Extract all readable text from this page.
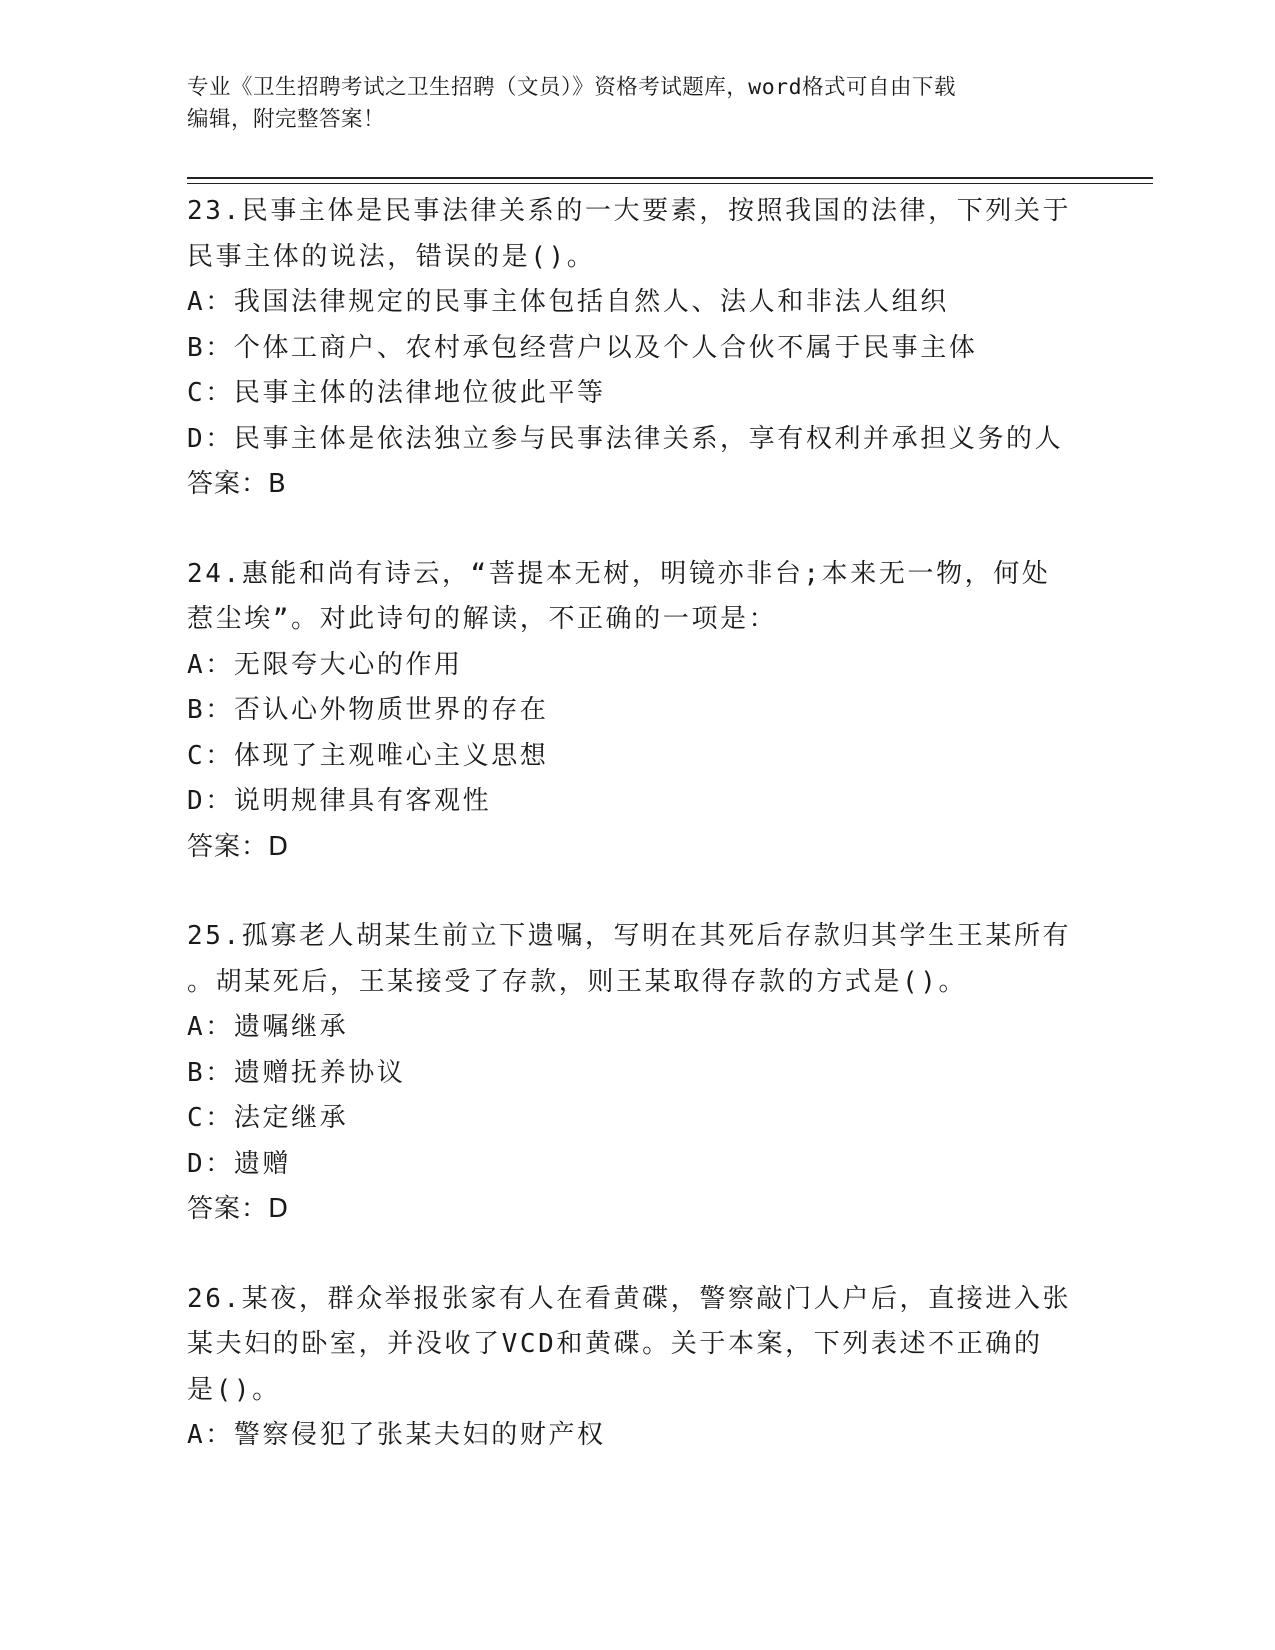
专业《卫生招聘考试之卫生招聘（文员）》资格考试题库，word格式可自由下载
编辑，附完整答案！
23.民事主体是民事法律关系的一大要素，按照我国的法律，下列关于
民事主体的说法，错误的是()。
A：我国法律规定的民事主体包括自然人、法人和非法人组织
B：个体工商户、农村承包经营户以及个人合伙不属于民事主体
C：民事主体的法律地位彼此平等
D：民事主体是依法独立参与民事法律关系，享有权利并承担义务的人
答案：B
24.惠能和尚有诗云，“菩提本无树，明镜亦非台;本来无一物，何处
惹尘埃”。对此诗句的解读，不正确的一项是：
A：无限夸大心的作用
B：否认心外物质世界的存在
C：体现了主观唯心主义思想
D：说明规律具有客观性
答案：D
25.孤寡老人胡某生前立下遗嘱，写明在其死后存款归其学生王某所有
。胡某死后，王某接受了存款，则王某取得存款的方式是()。
A：遗嘱继承
B：遗赠抚养协议
C：法定继承
D：遗赠
答案：D
26.某夜，群众举报张家有人在看黄碟，警察敲门人户后，直接进入张
某夫妇的卧室，并没收了VCD和黄碟。关于本案，下列表述不正确的
是()。
A：警察侵犯了张某夫妇的财产权
